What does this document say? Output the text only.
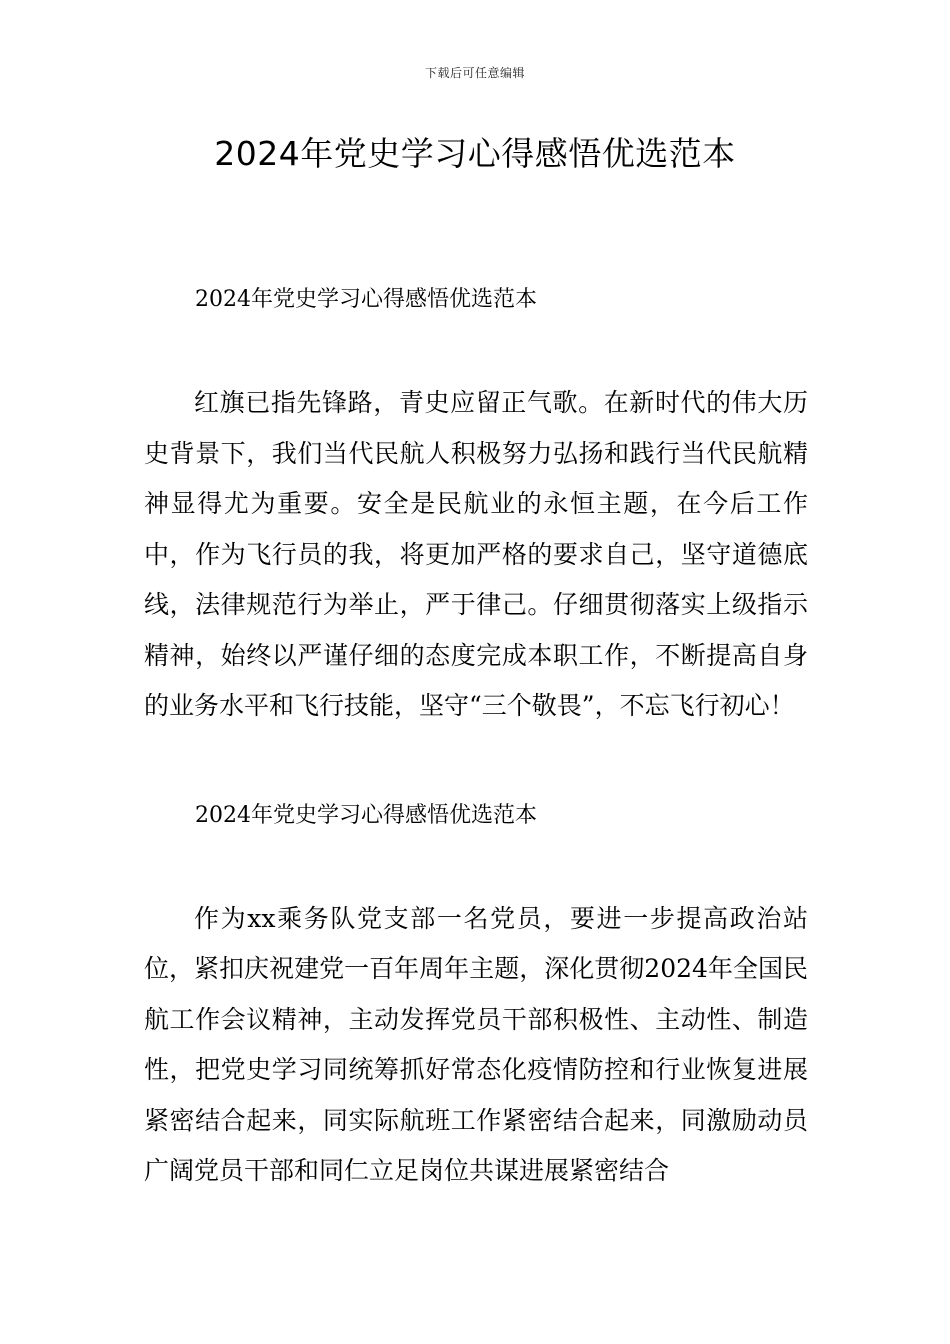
下载后可任意编辑
2024年党史学习心得感悟优选范本

2024年党史学习心得感悟优选范本

红旗已指先锋路，青史应留正气歌。在新时代的伟大历史背景下，我们当代民航人积极努力弘扬和践行当代民航精神显得尤为重要。安全是民航业的永恒主题，在今后工作中，作为飞行员的我，将更加严格的要求自己，坚守道德底线，法律规范行为举止，严于律己。仔细贯彻落实上级指示精神，始终以严谨仔细的态度完成本职工作，不断提高自身的业务水平和飞行技能，坚守“三个敬畏”，不忘飞行初心！

2024年党史学习心得感悟优选范本

作为xx乘务队党支部一名党员，要进一步提高政治站位，紧扣庆祝建党一百年周年主题，深化贯彻2024年全国民航工作会议精神，主动发挥党员干部积极性、主动性、制造性，把党史学习同统筹抓好常态化疫情防控和行业恢复进展紧密结合起来，同实际航班工作紧密结合起来，同激励动员广阔党员干部和同仁立足岗位共谋进展紧密结合
